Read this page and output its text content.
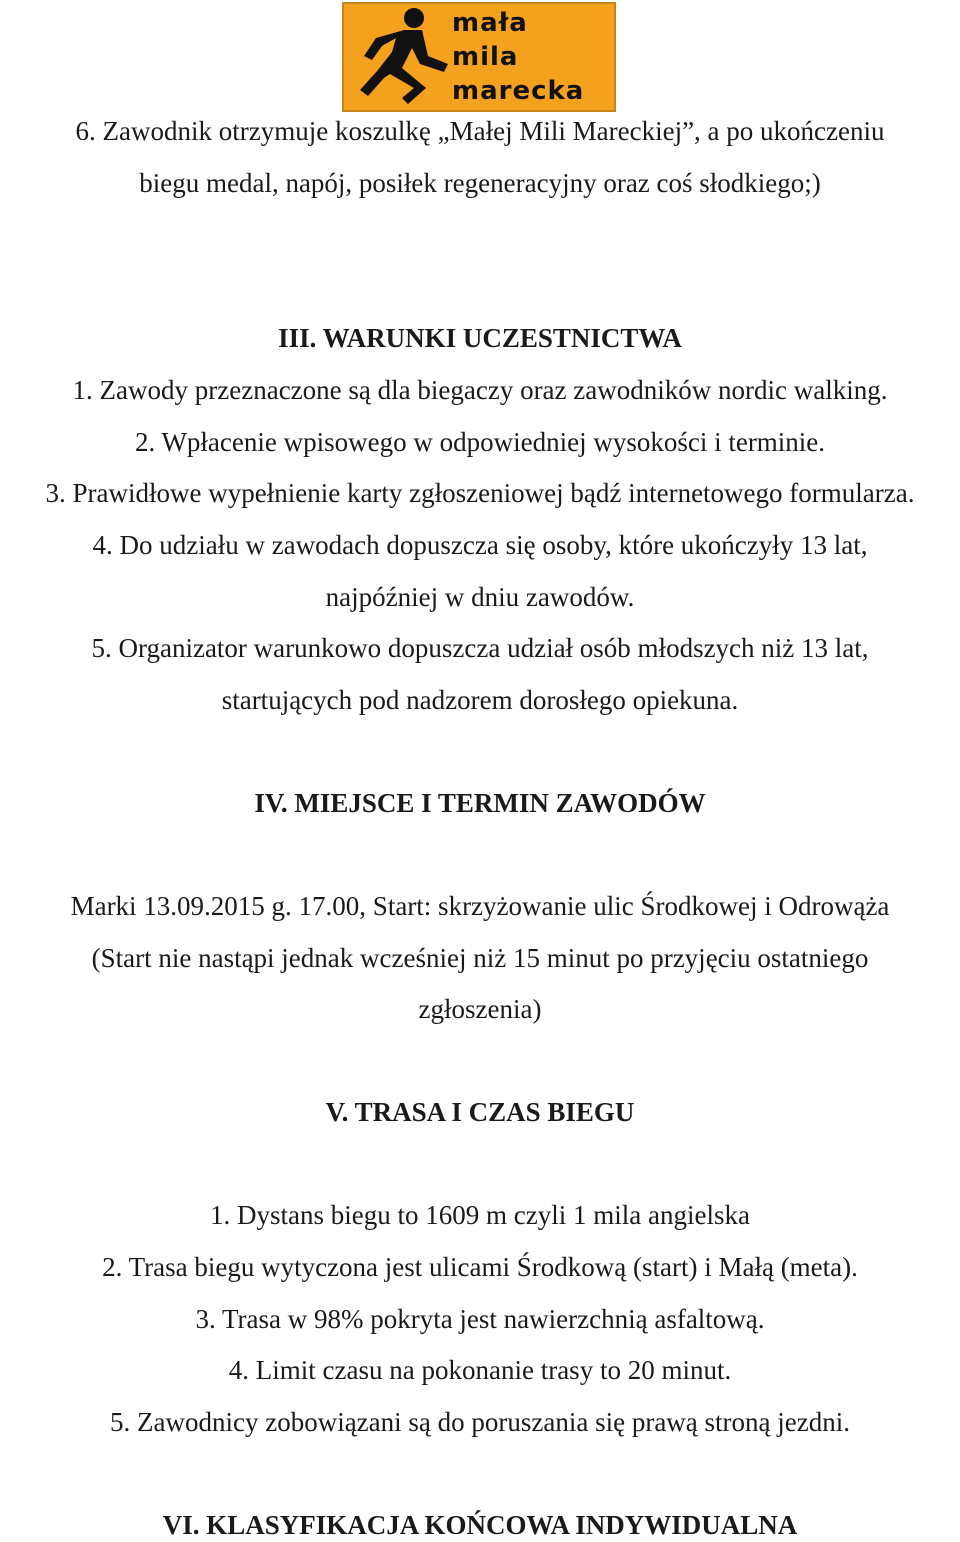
mała
mila
marecka
6. Zawodnik otrzymuje koszulkę „Małej Mili Mareckiej”, a po ukończeniu
biegu medal, napój, posiłek regeneracyjny oraz coś słodkiego;)
III. WARUNKI UCZESTNICTWA
1. Zawody przeznaczone są dla biegaczy oraz zawodników nordic walking.
2. Wpłacenie wpisowego w odpowiedniej wysokości i terminie.
3. Prawidłowe wypełnienie karty zgłoszeniowej bądź internetowego formularza.
4. Do udziału w zawodach dopuszcza się osoby, które ukończyły 13 lat,
najpóźniej w dniu zawodów.
5. Organizator warunkowo dopuszcza udział osób młodszych niż 13 lat,
startujących pod nadzorem dorosłego opiekuna.
IV. MIEJSCE I TERMIN ZAWODÓW
Marki 13.09.2015 g. 17.00, Start: skrzyżowanie ulic Środkowej i Odrowąża
(Start nie nastąpi jednak wcześniej niż 15 minut po przyjęciu ostatniego
zgłoszenia)
V. TRASA I CZAS BIEGU
1. Dystans biegu to 1609 m czyli 1 mila angielska
2. Trasa biegu wytyczona jest ulicami Środkową (start) i Małą (meta).
3. Trasa w 98% pokryta jest nawierzchnią asfaltową.
4. Limit czasu na pokonanie trasy to 20 minut.
5. Zawodnicy zobowiązani są do poruszania się prawą stroną jezdni.
VI. KLASYFIKACJA KOŃCOWA INDYWIDUALNA
